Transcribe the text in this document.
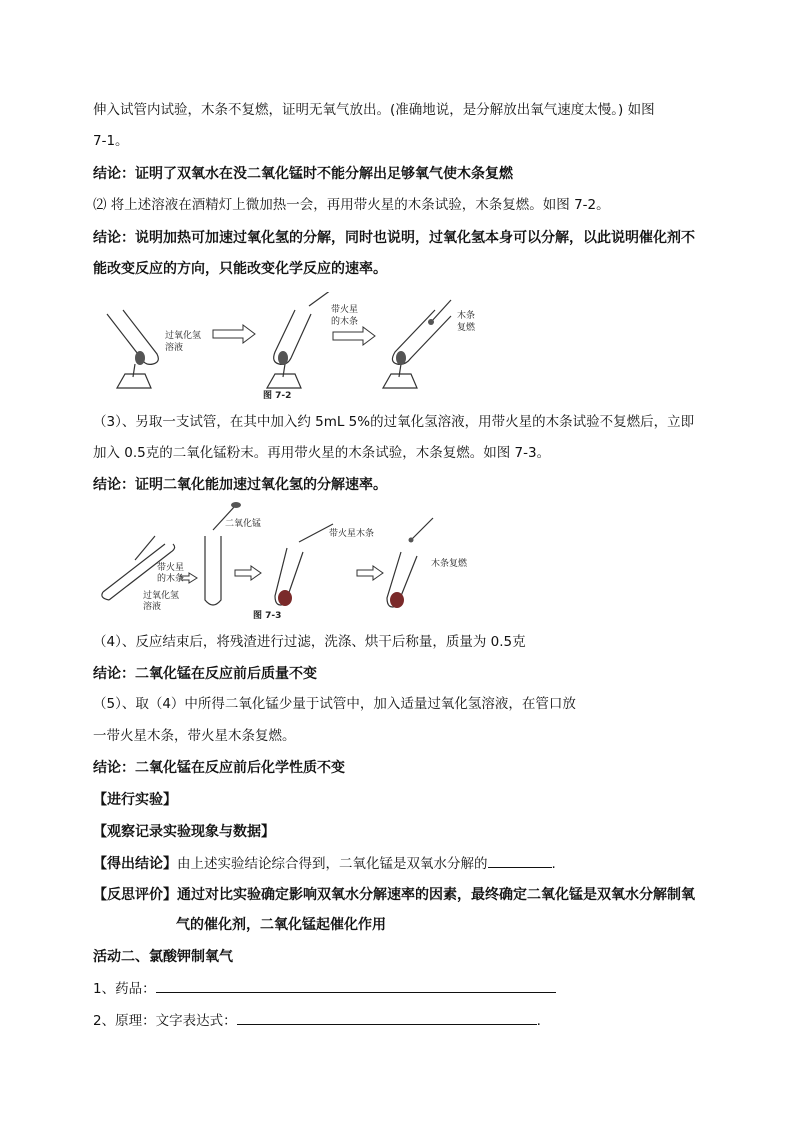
伸入试管内试验，木条不复燃，证明无氧气放出。(准确地说，是分解放出氧气速度太慢。) 如图
7-1。
结论：证明了双氧水在没二氧化锰时不能分解出足够氧气使木条复燃
⑵ 将上述溶液在酒精灯上微加热一会，再用带火星的木条试验，木条复燃。如图 7-2。
结论：说明加热可加速过氧化氢的分解，同时也说明，过氧化氢本身可以分解，以此说明催化剂不
能改变反应的方向，只能改变化学反应的速率。
过氧化氢
溶液
带火星
的木条
木条
复燃
图 7-2
（3）、另取一支试管，在其中加入约 5mL 5%的过氧化氢溶液，用带火星的木条试验不复燃后，立即
加入 0.5克的二氧化锰粉末。再用带火星的木条试验，木条复燃。如图 7-3。
结论：证明二氧化能加速过氧化氢的分解速率。
带火星
的木条
过氧化氢
溶液
二氧化锰
带火星木条
木条复燃
图 7-3
（4）、反应结束后，将残渣进行过滤，洗涤、烘干后称量，质量为 0.5克
结论：二氧化锰在反应前后质量不变
（5）、取（4）中所得二氧化锰少量于试管中，加入适量过氧化氢溶液，在管口放
一带火星木条，带火星木条复燃。
结论：二氧化锰在反应前后化学性质不变
【进行实验】
【观察记录实验现象与数据】
【得出结论】由上述实验结论综合得到，二氧化锰是双氧水分解的	.
【反思评价】通过对比实验确定影响双氧水分解速率的因素，最终确定二氧化锰是双氧水分解制氧
气的催化剂，二氧化锰起催化作用
活动二、氯酸钾制氧气
1、药品：
2、原理：文字表达式：	.
